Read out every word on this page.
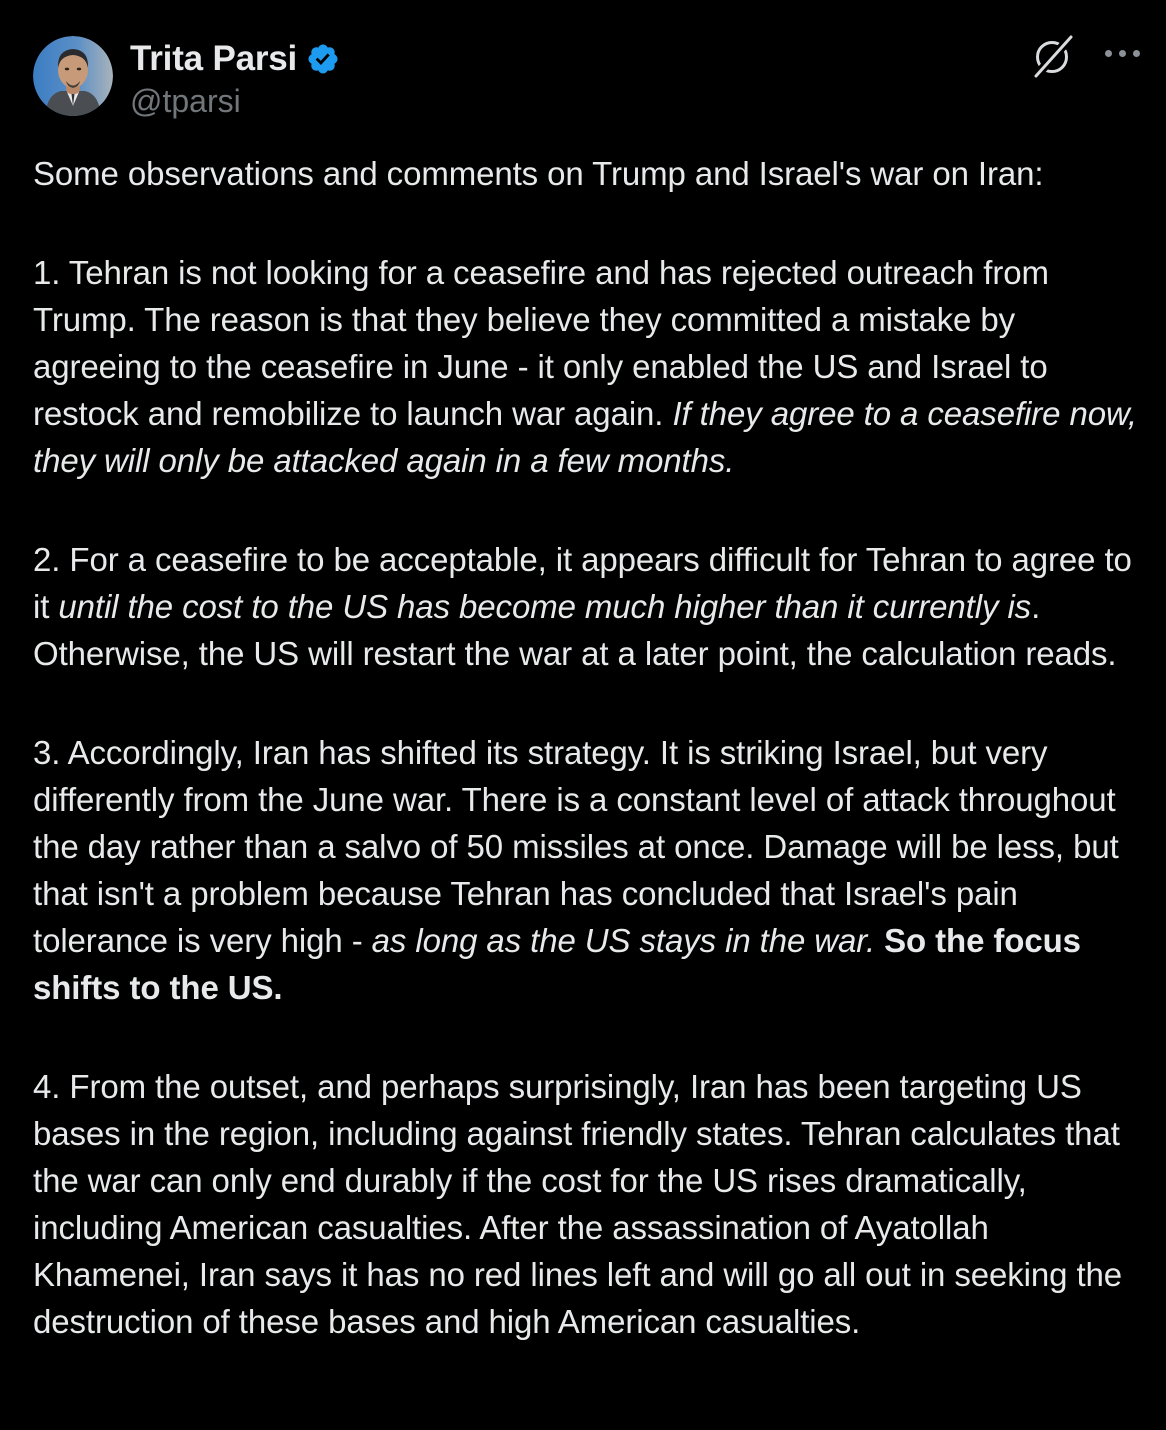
Trita Parsi
@tparsi

Some observations and comments on Trump and Israel's war on Iran:

1. Tehran is not looking for a ceasefire and has rejected outreach from Trump. The reason is that they believe they committed a mistake by agreeing to the ceasefire in June - it only enabled the US and Israel to restock and remobilize to launch war again. If they agree to a ceasefire now, they will only be attacked again in a few months.

2. For a ceasefire to be acceptable, it appears difficult for Tehran to agree to it until the cost to the US has become much higher than it currently is. Otherwise, the US will restart the war at a later point, the calculation reads.

3. Accordingly, Iran has shifted its strategy. It is striking Israel, but very differently from the June war. There is a constant level of attack throughout the day rather than a salvo of 50 missiles at once. Damage will be less, but that isn't a problem because Tehran has concluded that Israel's pain tolerance is very high - as long as the US stays in the war. So the focus shifts to the US.

4. From the outset, and perhaps surprisingly, Iran has been targeting US bases in the region, including against friendly states. Tehran calculates that the war can only end durably if the cost for the US rises dramatically, including American casualties. After the assassination of Ayatollah Khamenei, Iran says it has no red lines left and will go all out in seeking the destruction of these bases and high American casualties.
